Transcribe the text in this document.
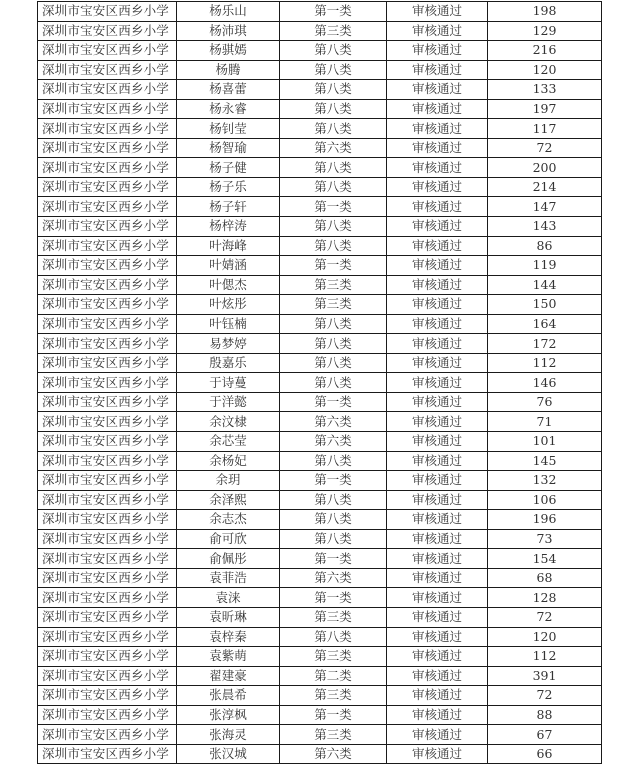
深圳市宝安区西乡小学	杨乐山	第一类	审核通过	198
深圳市宝安区西乡小学	杨沛琪	第三类	审核通过	129
深圳市宝安区西乡小学	杨骐嫣	第八类	审核通过	216
深圳市宝安区西乡小学	杨腾	第八类	审核通过	120
深圳市宝安区西乡小学	杨喜蕾	第八类	审核通过	133
深圳市宝安区西乡小学	杨永睿	第八类	审核通过	197
深圳市宝安区西乡小学	杨钊莹	第八类	审核通过	117
深圳市宝安区西乡小学	杨智瑜	第六类	审核通过	72
深圳市宝安区西乡小学	杨子健	第八类	审核通过	200
深圳市宝安区西乡小学	杨子乐	第八类	审核通过	214
深圳市宝安区西乡小学	杨子轩	第一类	审核通过	147
深圳市宝安区西乡小学	杨梓涛	第八类	审核通过	143
深圳市宝安区西乡小学	叶海峰	第八类	审核通过	86
深圳市宝安区西乡小学	叶婧涵	第一类	审核通过	119
深圳市宝安区西乡小学	叶偲杰	第三类	审核通过	144
深圳市宝安区西乡小学	叶炫彤	第三类	审核通过	150
深圳市宝安区西乡小学	叶钰楠	第八类	审核通过	164
深圳市宝安区西乡小学	易梦婷	第八类	审核通过	172
深圳市宝安区西乡小学	殷嘉乐	第八类	审核通过	112
深圳市宝安区西乡小学	于诗蔓	第八类	审核通过	146
深圳市宝安区西乡小学	于洋懿	第一类	审核通过	76
深圳市宝安区西乡小学	余汶棣	第六类	审核通过	71
深圳市宝安区西乡小学	余芯莹	第六类	审核通过	101
深圳市宝安区西乡小学	余杨妃	第八类	审核通过	145
深圳市宝安区西乡小学	余玥	第一类	审核通过	132
深圳市宝安区西乡小学	余泽熙	第八类	审核通过	106
深圳市宝安区西乡小学	余志杰	第八类	审核通过	196
深圳市宝安区西乡小学	俞可欣	第八类	审核通过	73
深圳市宝安区西乡小学	俞佩彤	第一类	审核通过	154
深圳市宝安区西乡小学	袁菲浩	第六类	审核通过	68
深圳市宝安区西乡小学	袁涞	第一类	审核通过	128
深圳市宝安区西乡小学	袁昕琳	第三类	审核通过	72
深圳市宝安区西乡小学	袁梓秦	第八类	审核通过	120
深圳市宝安区西乡小学	袁紫萌	第三类	审核通过	112
深圳市宝安区西乡小学	翟建豪	第二类	审核通过	391
深圳市宝安区西乡小学	张晨希	第三类	审核通过	72
深圳市宝安区西乡小学	张淳枫	第一类	审核通过	88
深圳市宝安区西乡小学	张海灵	第三类	审核通过	67
深圳市宝安区西乡小学	张汉城	第六类	审核通过	66
